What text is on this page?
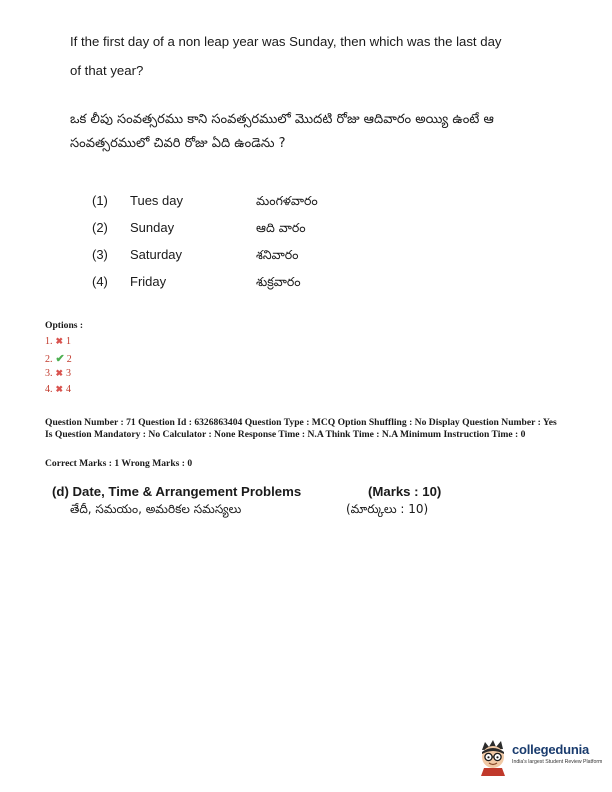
If the first day of a non leap year was Sunday, then which was the last day of that year?
ఒక లీపు సంవత్సరము కాని సంవత్సరములో మొదటి రోజు ఆదివారం అయ్యి ఉంటే ఆ సంవత్సరములో చివరి రోజు ఏది ఉండెను ?
(1) Tues day	మంగళవారం
(2) Sunday	ఆది వారం
(3) Saturday	శనివారం
(4) Friday	శుక్రవారం
Options :
1. ✖ 1
2. ✔ 2
3. ✖ 3
4. ✖ 4
Question Number : 71 Question Id : 6326863404 Question Type : MCQ Option Shuffling : No Display Question Number : Yes Is Question Mandatory : No Calculator : None Response Time : N.A Think Time : N.A Minimum Instruction Time : 0
Correct Marks : 1 Wrong Marks : 0
(d) Date, Time & Arrangement Problems	(Marks : 10)
తేదీ, సమయం, అమరికల సమస్యలు	(మార్కులు : 10)
collegedunia
India's largest Student Review Platform
